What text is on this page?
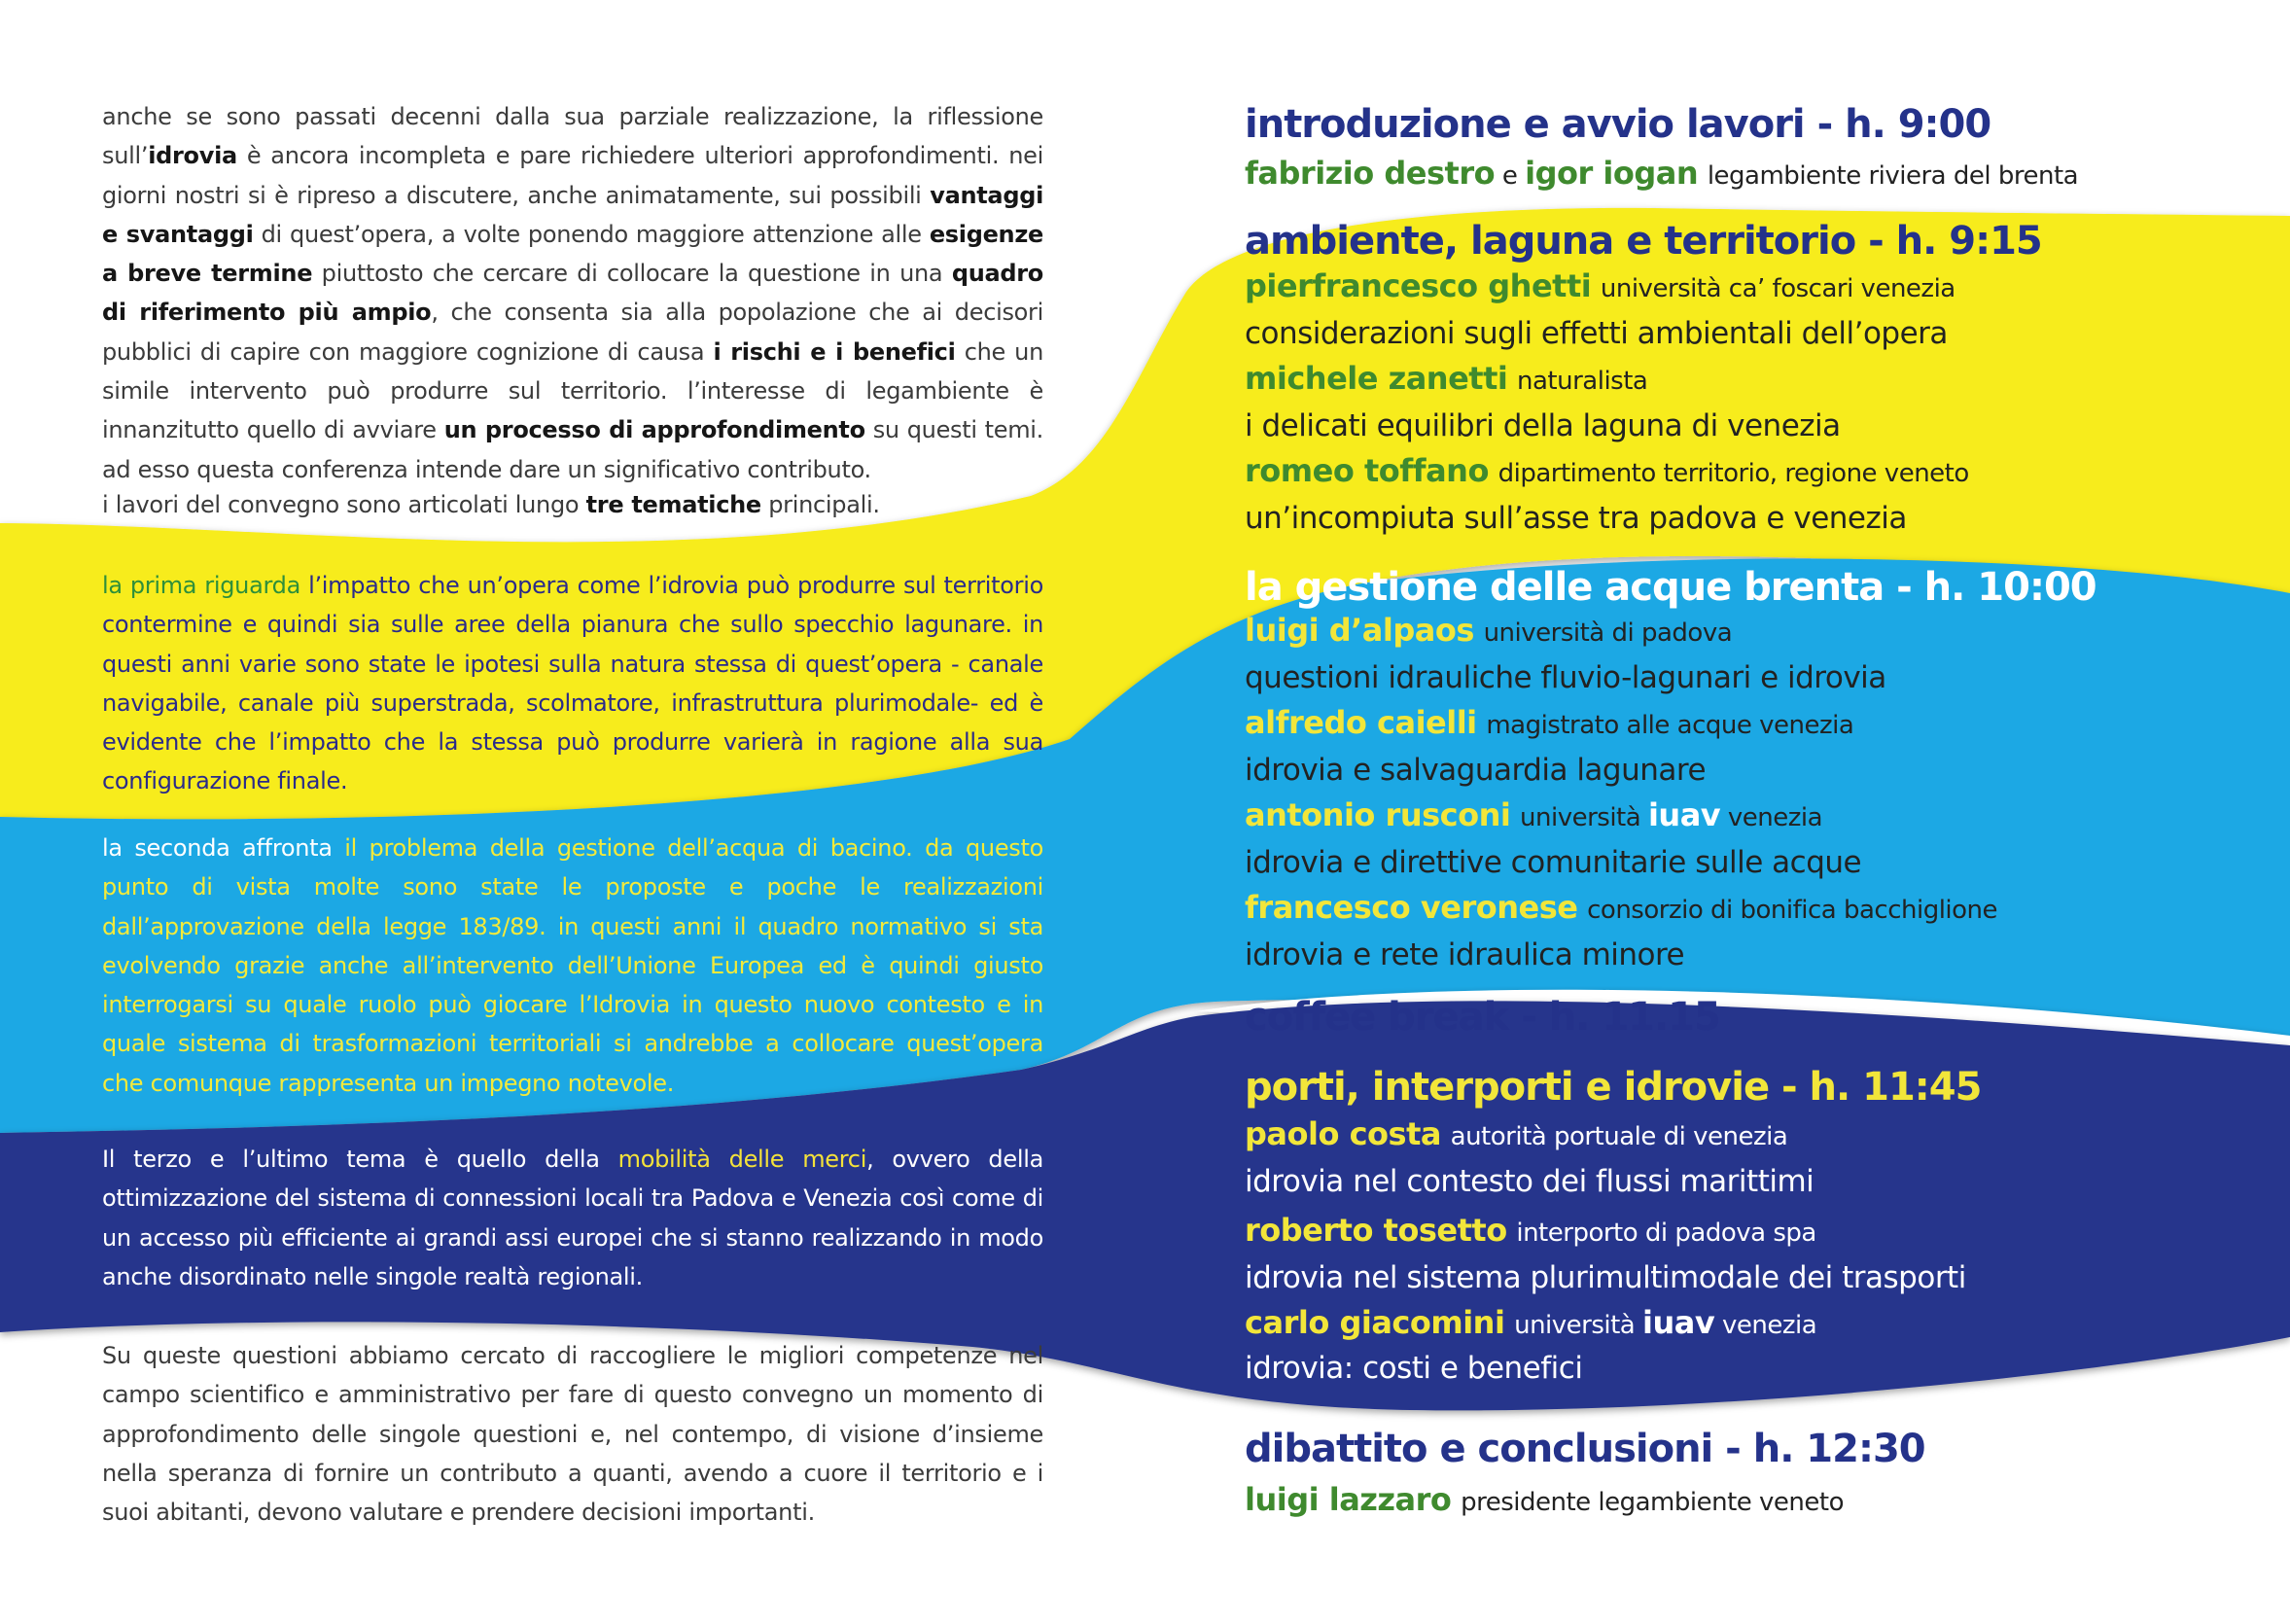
anche se sono passati decenni dalla sua parziale realizzazione, la riflessione sull’idrovia è ancora incompleta e pare richiedere ulteriori approfondimenti. nei giorni nostri si è ripreso a discutere, anche animatamente, sui possibili vantaggi e svantaggi di quest’opera, a volte ponendo maggiore attenzione alle esigenze a breve termine piuttosto che cercare di collocare la questione in una quadro di riferimento più ampio, che consenta sia alla popolazione che ai decisori pubblici di capire con maggiore cognizione di causa i rischi e i benefici che un simile intervento può produrre sul territorio. l’interesse di legambiente è innanzitutto quello di avviare un processo di approfondimento su questi temi. ad esso questa conferenza intende dare un significativo contributo.

i lavori del convegno sono articolati lungo tre tematiche principali.

la prima riguarda l’impatto che un’opera come l’idrovia può produrre sul territorio contermine e quindi sia sulle aree della pianura che sullo specchio lagunare. in questi anni varie sono state le ipotesi sulla natura stessa di quest’opera - canale navigabile, canale più superstrada, scolmatore, infrastruttura plurimodale- ed è evidente che l’impatto che la stessa può produrre varierà in ragione alla sua configurazione finale.

la seconda affronta il problema della gestione dell’acqua di bacino. da questo punto di vista molte sono state le proposte e poche le realizzazioni dall’approvazione della legge 183/89. in questi anni il quadro normativo si sta evolvendo grazie anche all’intervento dell’Unione Europea ed è quindi giusto interrogarsi su quale ruolo può giocare l’Idrovia in questo nuovo contesto e in quale sistema di trasformazioni territoriali si andrebbe a collocare quest’opera che comunque rappresenta un impegno notevole.

Il terzo e l’ultimo tema è quello della mobilità delle merci, ovvero della ottimizzazione del sistema di connessioni locali tra Padova e Venezia così come di un accesso più efficiente ai grandi assi europei che si stanno realizzando in modo anche disordinato nelle singole realtà regionali.

Su queste questioni abbiamo cercato di raccogliere le migliori competenze nel campo scientifico e amministrativo per fare di questo convegno un momento di approfondimento delle singole questioni e, nel contempo, di visione d’insieme nella speranza di fornire un contributo a quanti, avendo a cuore il territorio e i suoi abitanti, devono valutare e prendere decisioni importanti.

introduzione e avvio lavori - h. 9:00
fabrizio destro e igor iogan legambiente riviera del brenta
ambiente, laguna e territorio - h. 9:15
pierfrancesco ghetti università ca’ foscari venezia
considerazioni sugli effetti ambientali dell’opera
michele zanetti naturalista
i delicati equilibri della laguna di venezia
romeo toffano dipartimento territorio, regione veneto
un’incompiuta sull’asse tra padova e venezia
la gestione delle acque brenta - h. 10:00
luigi d’alpaos università di padova
questioni idrauliche fluvio-lagunari e idrovia
alfredo caielli magistrato alle acque venezia
idrovia e salvaguardia lagunare
antonio rusconi università iuav venezia
idrovia e direttive comunitarie sulle acque
francesco veronese consorzio di bonifica bacchiglione
idrovia e rete idraulica minore
coffee break - h. 11.15
porti, interporti e idrovie - h. 11:45
paolo costa autorità portuale di venezia
idrovia nel contesto dei flussi marittimi
roberto tosetto interporto di padova spa
idrovia nel sistema plurimultimodale dei trasporti
carlo giacomini università iuav venezia
idrovia: costi e benefici
dibattito e conclusioni - h. 12:30
luigi lazzaro presidente legambiente veneto
